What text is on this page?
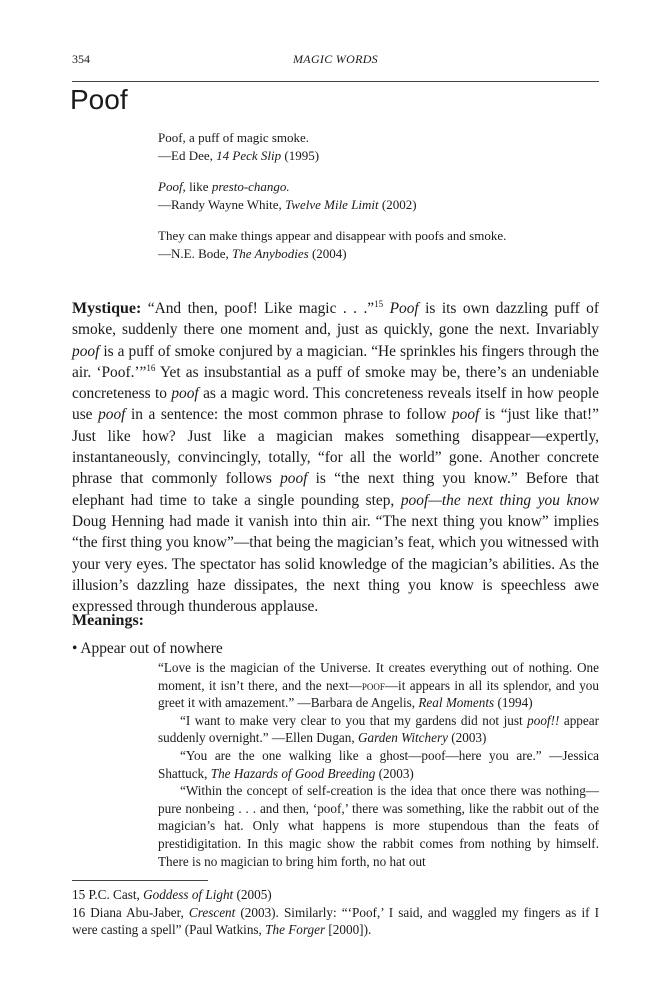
354	MAGIC WORDS
Poof

Poof, a puff of magic smoke.

—Ed Dee, 14 Peck Slip (1995)

Poof, like presto-chango.

—Randy Wayne White, Twelve Mile Limit (2002)

They can make things appear and disappear with poofs and smoke.

—N.E. Bode, The Anybodies (2004)

Mystique: “And then, poof! Like magic . . .”$^{15}$ Poof is its own dazzling puff of smoke, suddenly there one moment and, just as quickly, gone the next. Invariably poof is a puff of smoke conjured by a magician. “He sprinkles his fingers through the air. ‘Poof.’”$^{16}$ Yet as insubstantial as a puff of smoke may be, there’s an undeniable concreteness to poof as a magic word. This concreteness reveals itself in how people use poof in a sentence: the most common phrase to follow poof is “just like that!” Just like how? Just like a magician makes something disappear—expertly, instantaneously, convincingly, totally, “for all the world” gone. Another concrete phrase that commonly follows poof is “the next thing you know.” Before that elephant had time to take a single pounding step, poof—the next thing you know Doug Henning had made it vanish into thin air. “The next thing you know” implies “the first thing you know”—that being the magician’s feat, which you witnessed with your very eyes. The spectator has solid knowledge of the magician’s abilities. As the illusion’s dazzling haze dissipates, the next thing you know is speechless awe expressed through thunderous applause.

Meanings:

• Appear out of nowhere

“Love is the magician of the Universe. It creates everything out of nothing. One moment, it isn’t there, and the next—poof—it appears in all its splendor, and you greet it with amazement.” —Barbara de Angelis, Real Moments (1994)

“I want to make very clear to you that my gardens did not just poof!! appear suddenly overnight.” —Ellen Dugan, Garden Witchery (2003)

“You are the one walking like a ghost—poof—here you are.” —Jessica Shattuck, The Hazards of Good Breeding (2003)

“Within the concept of self-creation is the idea that once there was nothing—pure nonbeing . . . and then, ‘poof,’ there was something, like the rabbit out of the magician’s hat. Only what happens is more stupendous than the feats of prestidigitation. In this magic show the rabbit comes from nothing by himself. There is no magician to bring him forth, no hat out

15 P.C. Cast, Goddess of Light (2005)

16 Diana Abu-Jaber, Crescent (2003). Similarly: “‘Poof,’ I said, and waggled my fingers as if I were casting a spell” (Paul Watkins, The Forger [2000]).
